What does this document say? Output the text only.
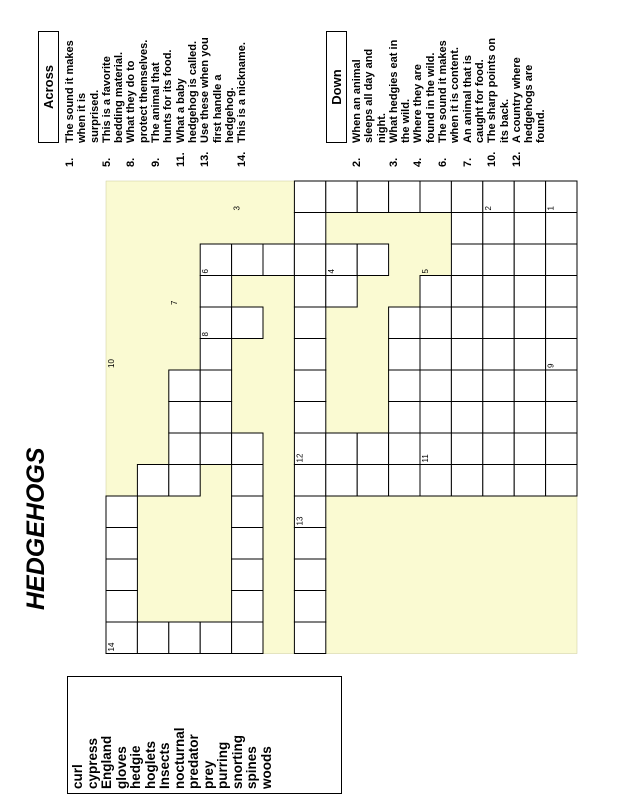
1
2
3
4	5
6
7
8
9
10
11
12
13
14
HEDGEHOGS
Across
1.
The sound it makes when it is surprised.
5.
This is a favorite bedding material.
8.
What they do to protect themselves.
9.
The animal that hunts for its food.
11.
What a baby hedgehog is called.
13.
Use these when you first handle a hedgehog.
14.
This is a nickname.	Down
2.
When an animal sleeps all day and night.
3.
What hedgies eat in the wild.
4.
Where they are found in the wild.
6.
The sound it makes when it is content.
7.
An animal that is caught for food.
10.
The sharp points on its back.
12.
A country where hedgehogs are found.
curl cypress England gloves hedgie hoglets Insects nocturnal predator prey purring snorting spines woods
